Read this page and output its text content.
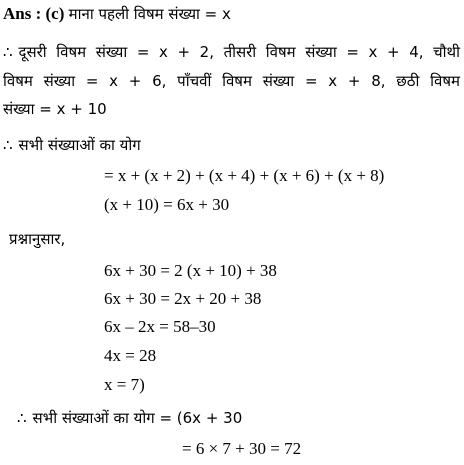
Ans : (c) माना पहली विषम संख्या = x
∴ दूसरी विषम संख्या = x + 2, तीसरी विषम संख्या = x + 4, चौथी
विषम संख्या = x + 6, पाँचवीं विषम संख्या = x + 8, छठी विषम
संख्या = x + 10
∴ सभी संख्याओं का योग
= x + (x + 2) + (x + 4) + (x + 6) + (x + 8)
(x + 10) = 6x + 30
प्रश्नानुसार,
6x + 30 = 2 (x + 10) + 38
6x + 30 = 2x + 20 + 38
6x – 2x = 58–30
4x = 28
x = 7)
∴ सभी संख्याओं का योग = (6x + 30
= 6 × 7 + 30 = 72
